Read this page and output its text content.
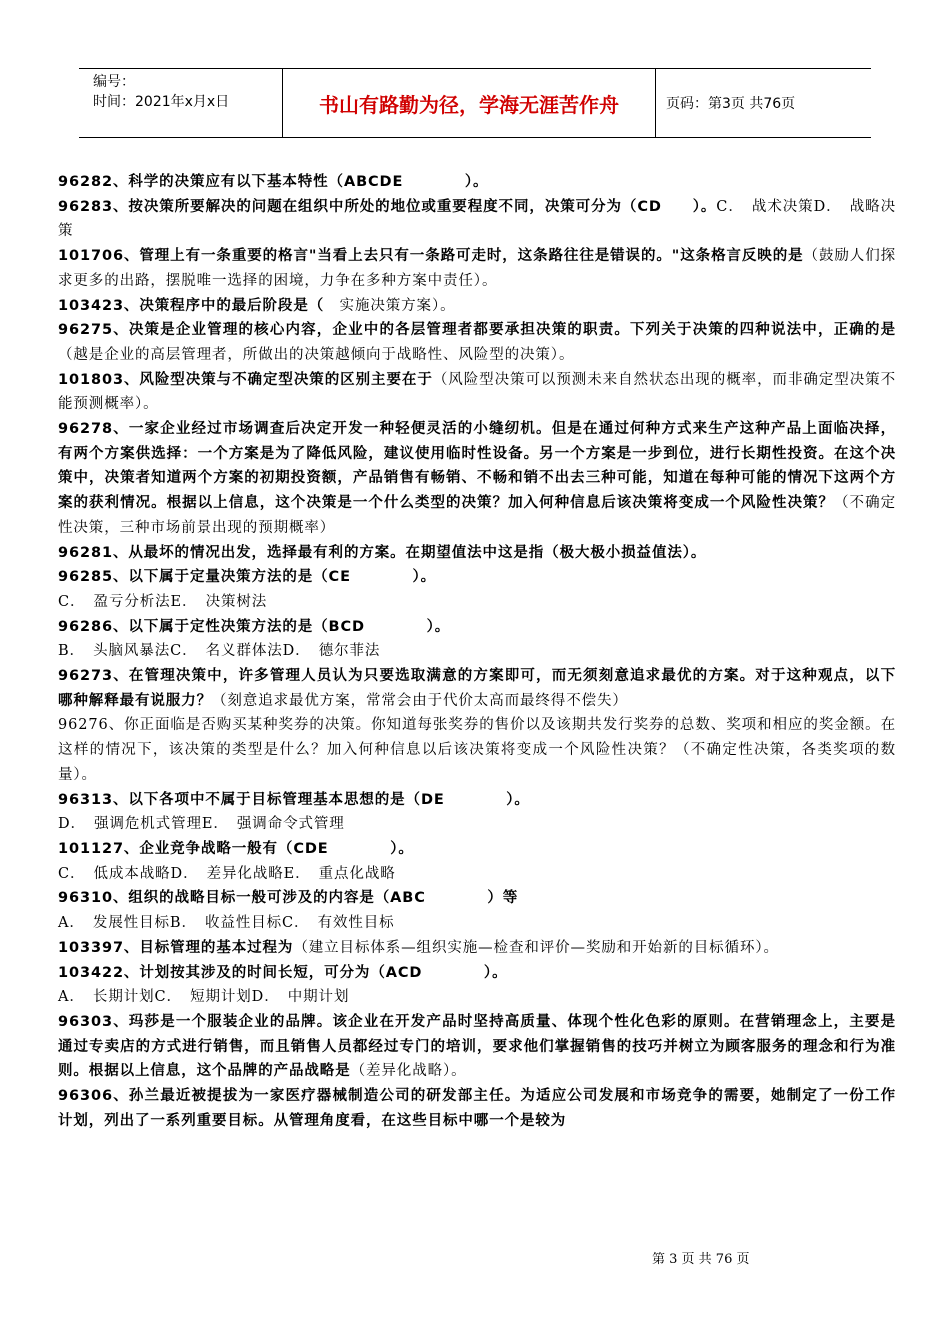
编号：
时间：2021年x月x日	书山有路勤为径，学海无涯苦作舟	页码：第3页 共76页

96282、科学的决策应有以下基本特性（ABCDE　　　　）。

96283、按决策所要解决的问题在组织中所处的地位或重要程度不同，决策可分为（CD　　）。C．　战术决策D．　战略决策

101706、管理上有一条重要的格言"当看上去只有一条路可走时，这条路往往是错误的。"这条格言反映的是（鼓励人们探求更多的出路，摆脱唯一选择的困境，力争在多种方案中责任）。

103423、决策程序中的最后阶段是（　实施决策方案）。

96275、决策是企业管理的核心内容，企业中的各层管理者都要承担决策的职责。下列关于决策的四种说法中，正确的是（越是企业的高层管理者，所做出的决策越倾向于战略性、风险型的决策）。

101803、风险型决策与不确定型决策的区别主要在于（风险型决策可以预测未来自然状态出现的概率，而非确定型决策不能预测概率）。

96278、一家企业经过市场调查后决定开发一种轻便灵活的小缝纫机。但是在通过何种方式来生产这种产品上面临决择，有两个方案供选择：一个方案是为了降低风险，建议使用临时性设备。另一个方案是一步到位，进行长期性投资。在这个决策中，决策者知道两个方案的初期投资额，产品销售有畅销、不畅和销不出去三种可能，知道在每种可能的情况下这两个方案的获利情况。根据以上信息，这个决策是一个什么类型的决策？加入何种信息后该决策将变成一个风险性决策？（不确定性决策，三种市场前景出现的预期概率）

96281、从最坏的情况出发，选择最有利的方案。在期望值法中这是指（极大极小损益值法）。

96285、以下属于定量决策方法的是（CE　　　　）。

C．　盈亏分析法E．　决策树法

96286、以下属于定性决策方法的是（BCD　　　　）。

B．　头脑风暴法C．　名义群体法D．　德尔菲法

96273、在管理决策中，许多管理人员认为只要选取满意的方案即可，而无须刻意追求最优的方案。对于这种观点，以下哪种解释最有说服力？（刻意追求最优方案，常常会由于代价太高而最终得不偿失）

96276、你正面临是否购买某种奖券的决策。你知道每张奖券的售价以及该期共发行奖券的总数、奖项和相应的奖金额。在这样的情况下，该决策的类型是什么？加入何种信息以后该决策将变成一个风险性决策？（不确定性决策，各类奖项的数量）。

96313、以下各项中不属于目标管理基本思想的是（DE　　　　）。

D．　强调危机式管理E．　强调命令式管理

101127、企业竞争战略一般有（CDE　　　　）。

C．　低成本战略D．　差异化战略E．　重点化战略

96310、组织的战略目标一般可涉及的内容是（ABC　　　　）等

A．　发展性目标B．　收益性目标C．　有效性目标

103397、目标管理的基本过程为（建立目标体系—组织实施—检查和评价—奖励和开始新的目标循环）。

103422、计划按其涉及的时间长短，可分为（ACD　　　　）。

A．　长期计划C．　短期计划D．　中期计划

96303、玛莎是一个服装企业的品牌。该企业在开发产品时坚持高质量、体现个性化色彩的原则。在营销理念上，主要是通过专卖店的方式进行销售，而且销售人员都经过专门的培训，要求他们掌握销售的技巧并树立为顾客服务的理念和行为准则。根据以上信息，这个品牌的产品战略是（差异化战略）。

96306、孙兰最近被提拔为一家医疗器械制造公司的研发部主任。为适应公司发展和市场竞争的需要，她制定了一份工作计划，列出了一系列重要目标。从管理角度看，在这些目标中哪一个是较为

第 3 页 共 76 页
